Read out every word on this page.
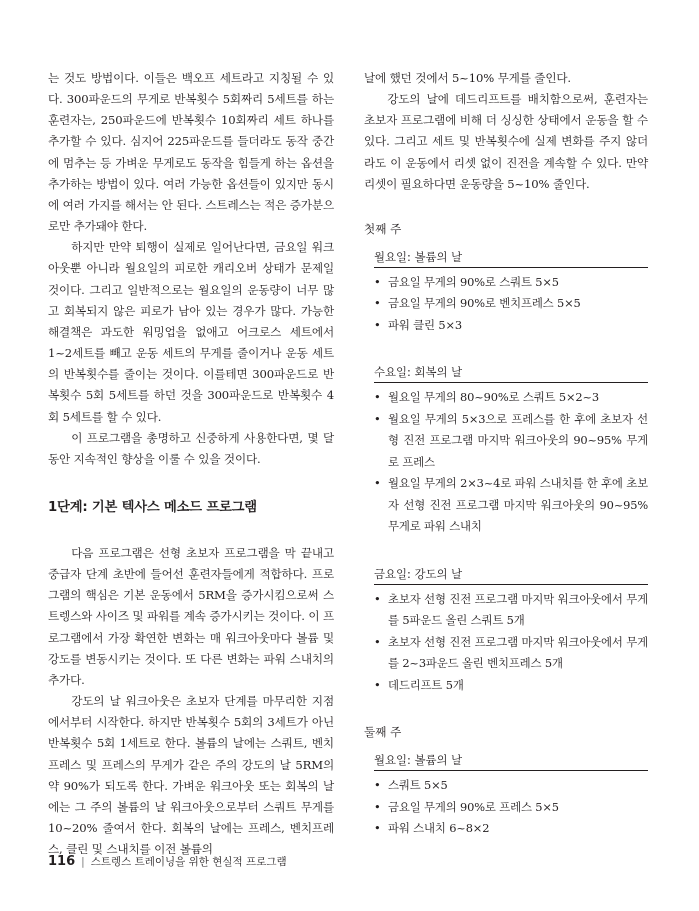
는 것도 방법이다. 이들은 백오프 세트라고 지칭될 수 있다. 300파운드의 무게로 반복횟수 5회짜리 5세트를 하는 훈련자는, 250파운드에 반복횟수 10회짜리 세트 하나를 추가할 수 있다. 심지어 225파운드를 들더라도 동작 중간에 멈추는 등 가벼운 무게로도 동작을 힘들게 하는 옵션을 추가하는 방법이 있다. 여러 가능한 옵션들이 있지만 동시에 여러 가지를 해서는 안 된다. 스트레스는 적은 증가분으로만 추가돼야 한다.

하지만 만약 퇴행이 실제로 일어난다면, 금요일 워크아웃뿐 아니라 월요일의 피로한 캐리오버 상태가 문제일 것이다. 그리고 일반적으로는 월요일의 운동량이 너무 많고 회복되지 않은 피로가 남아 있는 경우가 많다. 가능한 해결책은 과도한 워밍업을 없애고 어크로스 세트에서 1~2세트를 빼고 운동 세트의 무게를 줄이거나 운동 세트의 반복횟수를 줄이는 것이다. 이를테면 300파운드로 반복횟수 5회 5세트를 하던 것을 300파운드로 반복횟수 4회 5세트를 할 수 있다.

이 프로그램을 총명하고 신중하게 사용한다면, 몇 달 동안 지속적인 향상을 이룰 수 있을 것이다.

1단계: 기본 텍사스 메소드 프로그램

다음 프로그램은 선형 초보자 프로그램을 막 끝내고 중급자 단계 초반에 들어선 훈련자들에게 적합하다. 프로그램의 핵심은 기본 운동에서 5RM을 증가시킴으로써 스트렝스와 사이즈 및 파워를 계속 증가시키는 것이다. 이 프로그램에서 가장 확연한 변화는 매 워크아웃마다 볼륨 및 강도를 변동시키는 것이다. 또 다른 변화는 파워 스내치의 추가다.

강도의 날 워크아웃은 초보자 단계를 마무리한 지점에서부터 시작한다. 하지만 반복횟수 5회의 3세트가 아닌 반복횟수 5회 1세트로 한다. 볼륨의 날에는 스쿼트, 벤치프레스 및 프레스의 무게가 같은 주의 강도의 날 5RM의 약 90%가 되도록 한다. 가벼운 워크아웃 또는 회복의 날에는 그 주의 볼륨의 날 워크아웃으로부터 스쿼트 무게를 10~20% 줄여서 한다. 회복의 날에는 프레스, 벤치프레스, 클린 및 스내치를 이전 볼륨의

날에 했던 것에서 5~10% 무게를 줄인다.

강도의 날에 데드리프트를 배치함으로써, 훈련자는 초보자 프로그램에 비해 더 싱싱한 상태에서 운동을 할 수 있다. 그리고 세트 및 반복횟수에 실제 변화를 주지 않더라도 이 운동에서 리셋 없이 진전을 계속할 수 있다. 만약 리셋이 필요하다면 운동량을 5~10% 줄인다.

첫째 주
월요일: 볼륨의 날
• 금요일 무게의 90%로 스쿼트 5×5
• 금요일 무게의 90%로 벤치프레스 5×5
• 파워 클린 5×3
수요일: 회복의 날
• 월요일 무게의 80~90%로 스쿼트 5×2~3
• 월요일 무게의 5×3으로 프레스를 한 후에 초보자 선형 진전 프로그램 마지막 워크아웃의 90~95% 무게로 프레스
• 월요일 무게의 2×3~4로 파워 스내치를 한 후에 초보자 선형 진전 프로그램 마지막 워크아웃의 90~95% 무게로 파워 스내치
금요일: 강도의 날
• 초보자 선형 진전 프로그램 마지막 워크아웃에서 무게를 5파운드 올린 스쿼트 5개
• 초보자 선형 진전 프로그램 마지막 워크아웃에서 무게를 2~3파운드 올린 벤치프레스 5개
• 데드리프트 5개
둘째 주
월요일: 볼륨의 날
• 스쿼트 5×5
• 금요일 무게의 90%로 프레스 5×5
• 파워 스내치 6~8×2
116 | 스트렝스 트레이닝을 위한 현실적 프로그램
